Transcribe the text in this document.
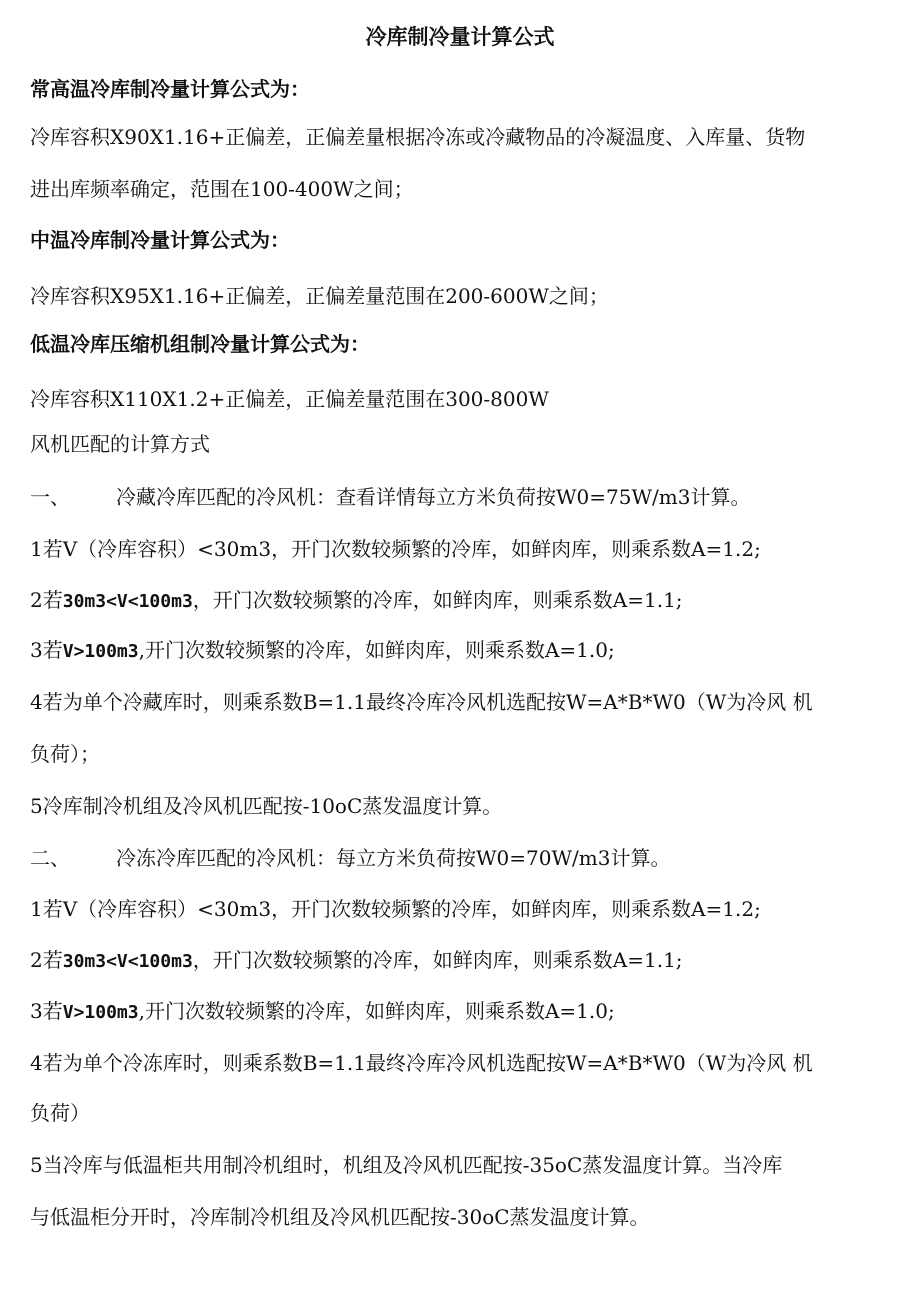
冷库制冷量计算公式
常高温冷库制冷量计算公式为：
冷库容积X90X1.16+正偏差，正偏差量根据冷冻或冷藏物品的冷凝温度、入库量、货物
进出库频率确定，范围在100-400W之间；
中温冷库制冷量计算公式为：
冷库容积X95X1.16+正偏差，正偏差量范围在200-600W之间；
低温冷库压缩机组制冷量计算公式为：
冷库容积X110X1.2+正偏差，正偏差量范围在300-800W
风机匹配的计算方式
一、 冷藏冷库匹配的冷风机：查看详情每立方米负荷按W0=75W/m3计算。
1若V（冷库容积）<30m3，开门次数较频繁的冷库，如鲜肉库，则乘系数A=1.2;
2若30m3<V<100m3，开门次数较频繁的冷库，如鲜肉库，则乘系数A=1.1;
3若V>100m3,开门次数较频繁的冷库，如鲜肉库，则乘系数A=1.0;
4若为单个冷藏库时，则乘系数B=1.1最终冷库冷风机选配按W=A*B*W0（W为冷风 机
负荷）；
5冷库制冷机组及冷风机匹配按-10oC蒸发温度计算。
二、 冷冻冷库匹配的冷风机：每立方米负荷按W0=70W/m3计算。
1若V（冷库容积）<30m3，开门次数较频繁的冷库，如鲜肉库，则乘系数A=1.2;
2若30m3<V<100m3，开门次数较频繁的冷库，如鲜肉库，则乘系数A=1.1;
3若V>100m3,开门次数较频繁的冷库，如鲜肉库，则乘系数A=1.0;
4若为单个冷冻库时，则乘系数B=1.1最终冷库冷风机选配按W=A*B*W0（W为冷风 机
负荷）
5当冷库与低温柜共用制冷机组时，机组及冷风机匹配按-35oC蒸发温度计算。当冷库
与低温柜分开时，冷库制冷机组及冷风机匹配按-30oC蒸发温度计算。
